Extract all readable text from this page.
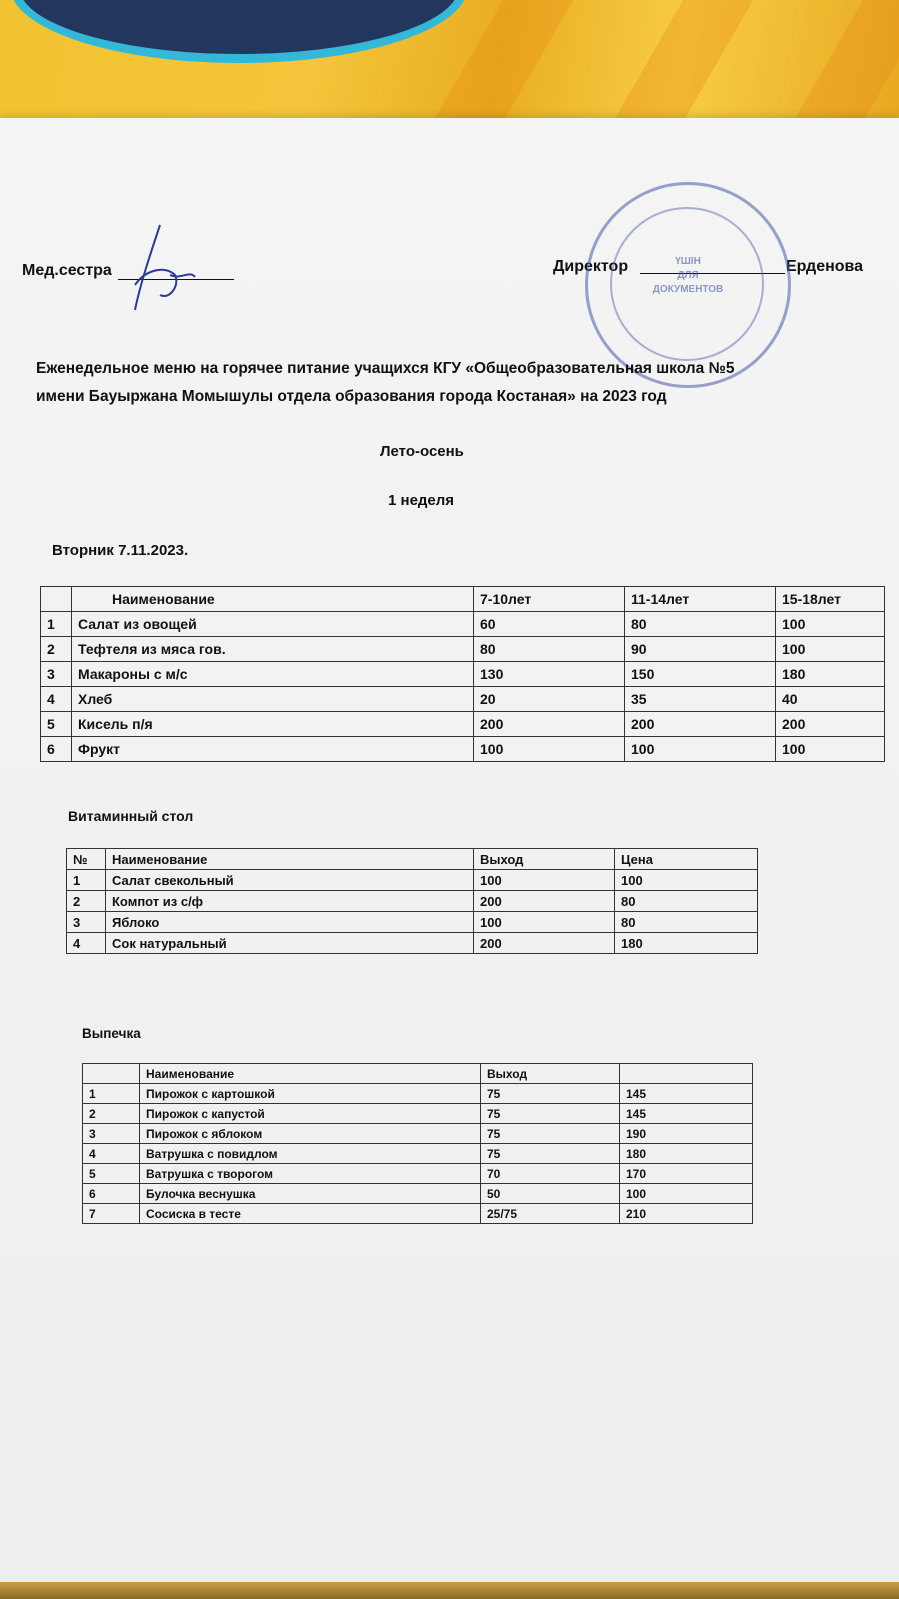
Мед.сестра	Директор	Ерденова
ҮШІН
ДЛЯ
ДОКУМЕНТОВ
Еженедельное меню на горячее питание учащихся КГУ «Общеобразовательная школа №5
имени Бауыржана Момышулы отдела образования города Костаная» на 2023 год
Лето-осень
1 неделя
Вторник 7.11.2023.
	Наименование	7-10лет	11-14лет	15-18лет
1	Салат из овощей	60	80	100
2	Тефтеля из мяса гов.	80	90	100
3	Макароны с м/с	130	150	180
4	Хлеб	20	35	40
5	Кисель п/я	200	200	200
6	Фрукт	100	100	100
Витаминный стол
№	Наименование	Выход	Цена
1	Салат свекольный	100	100
2	Компот из с/ф	200	80
3	Яблоко	100	80
4	Сок натуральный	200	180
Выпечка
	Наименование	Выход	
1	Пирожок с картошкой	75	145
2	Пирожок с капустой	75	145
3	Пирожок с яблоком	75	190
4	Ватрушка с повидлом	75	180
5	Ватрушка с творогом	70	170
6	Булочка веснушка	50	100
7	Сосиска в тесте	25/75	210
